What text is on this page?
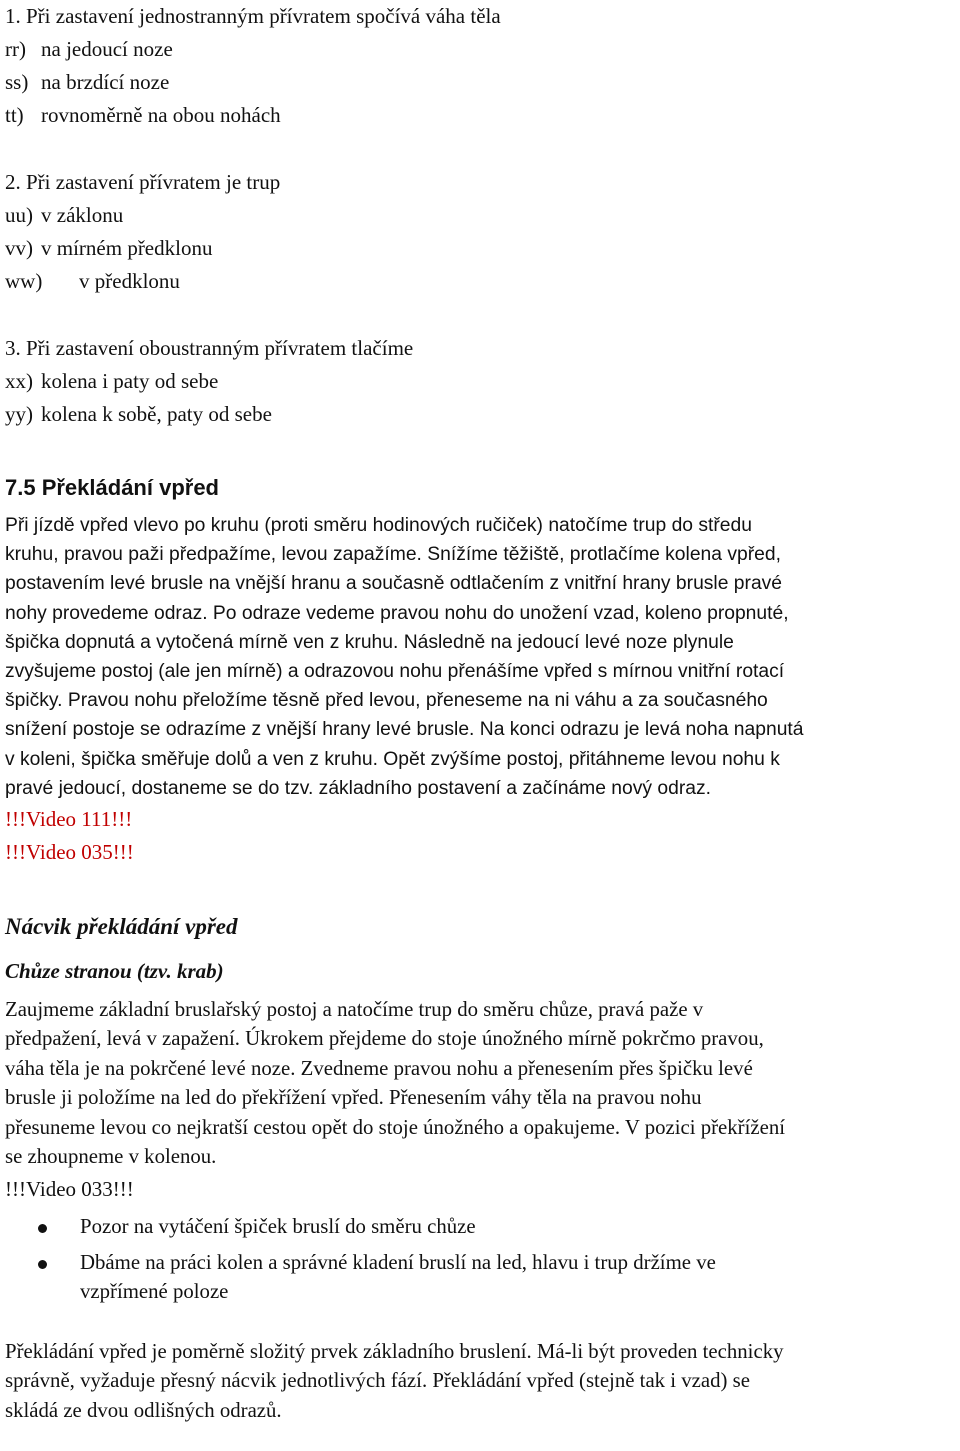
1. Při zastavení jednostranným přívratem spočívá váha těla
rr) na jedoucí noze
ss) na brzdící noze
tt) rovnoměrně na obou nohách
2. Při zastavení přívratem je trup
uu) v záklonu
vv) v mírném předklonu
ww) v předklonu
3. Při zastavení oboustranným přívratem tlačíme
xx) kolena i paty od sebe
yy) kolena k sobě, paty od sebe
7.5 Překládání vpřed
Při jízdě vpřed vlevo po kruhu (proti směru hodinových ručiček) natočíme trup do středu
kruhu, pravou paži předpažíme, levou zapažíme. Snížíme těžiště, protlačíme kolena vpřed,
postavením levé brusle na vnější hranu a současně odtlačením z vnitřní hrany brusle pravé
nohy provedeme odraz. Po odraze vedeme pravou nohu do unožení vzad, koleno propnuté,
špička dopnutá a vytočená mírně ven z kruhu. Následně na jedoucí levé noze plynule
zvyšujeme postoj (ale jen mírně) a odrazovou nohu přenášíme vpřed s mírnou vnitřní rotací
špičky. Pravou nohu přeložíme těsně před levou, přeneseme na ni váhu a za současného
snížení postoje se odrazíme z vnější hrany levé brusle. Na konci odrazu je levá noha napnutá
v koleni, špička směřuje dolů a ven z kruhu. Opět zvýšíme postoj, přitáhneme levou nohu k
pravé jedoucí, dostaneme se do tzv. základního postavení a začínáme nový odraz.
!!!Video 111!!!
!!!Video 035!!!
Nácvik překládání vpřed
Chůze stranou (tzv. krab)
Zaujmeme základní bruslařský postoj a natočíme trup do směru chůze, pravá paže v
předpažení, levá v zapažení. Úkrokem přejdeme do stoje únožného mírně pokrčmo pravou,
váha těla je na pokrčené levé noze. Zvedneme pravou nohu a přenesením přes špičku levé
brusle ji položíme na led do překřížení vpřed. Přenesením váhy těla na pravou nohu
přesuneme levou co nejkratší cestou opět do stoje únožného a opakujeme. V pozici překřížení
se zhoupneme v kolenou.
!!!Video 033!!!
Pozor na vytáčení špiček bruslí do směru chůze
Dbáme na práci kolen a správné kladení bruslí na led, hlavu i trup držíme ve
vzpřímené poloze
Překládání vpřed je poměrně složitý prvek základního bruslení. Má-li být proveden technicky
správně, vyžaduje přesný nácvik jednotlivých fází. Překládání vpřed (stejně tak i vzad) se
skládá ze dvou odlišných odrazů.
